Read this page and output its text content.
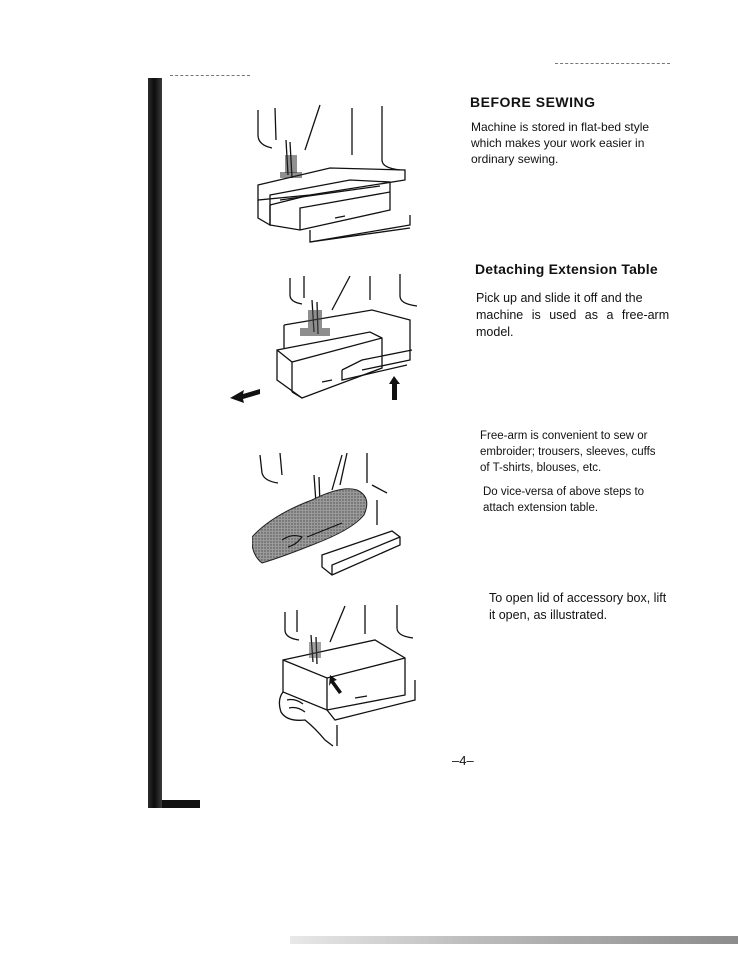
BEFORE SEWING
Machine is stored in flat-bed style
which makes your work easier in
ordinary sewing.
Detaching Extension Table
Pick up and slide it off and the
machine is used as a free-arm
model.
Free-arm is convenient to sew or
embroider; trousers, sleeves, cuffs
of T-shirts, blouses, etc.
Do vice-versa of above steps to
attach extension table.
To open lid of accessory box, lift
it open, as illustrated.
–4–
